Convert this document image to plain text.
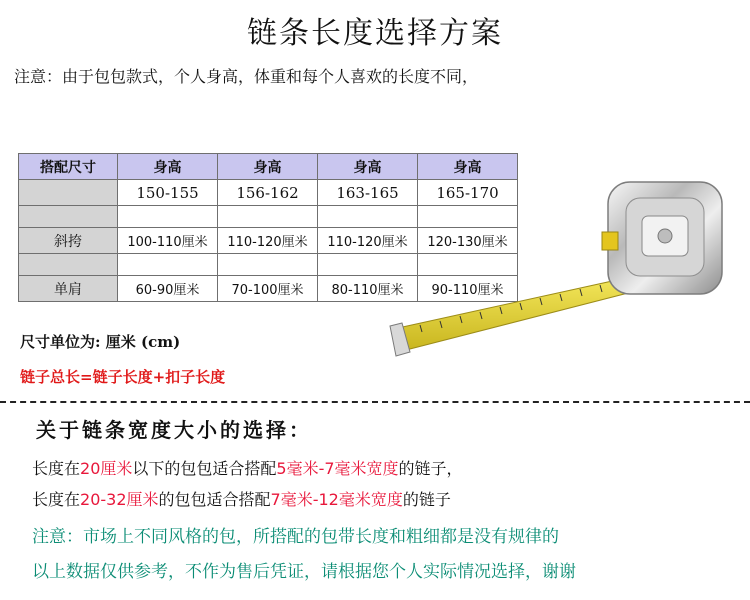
链条长度选择方案
注意：由于包包款式，个人身高，体重和每个人喜欢的长度不同，
搭配尺寸	身高	身高	身高	身高
	150-155	156-162	163-165	165-170

斜挎	100-110厘米	110-120厘米	110-120厘米	120-130厘米

单肩	60-90厘米	70-100厘米	80-110厘米	90-110厘米
尺寸单位为: 厘米 (cm)
链子总长=链子长度+扣子长度
关于链条宽度大小的选择：
长度在20厘米以下的包包适合搭配5毫米-7毫米宽度的链子，
长度在20-32厘米的包包适合搭配7毫米-12毫米宽度的链子
注意：市场上不同风格的包，所搭配的包带长度和粗细都是没有规律的
以上数据仅供参考，不作为售后凭证，请根据您个人实际情况选择，谢谢
